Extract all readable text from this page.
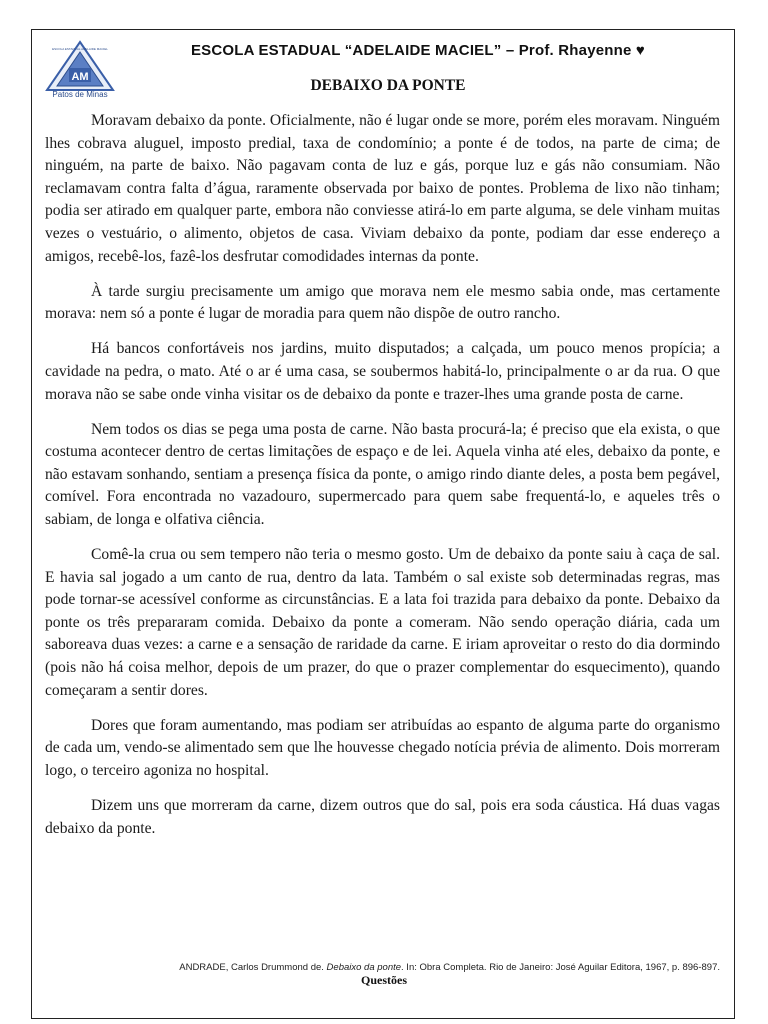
AM
Patos de Minas
ESCOLA ESTADUAL ADELAIDE MACIEL	ESCOLA ESTADUAL “ADELAIDE MACIEL” – Prof. Rhayenne ♥
DEBAIXO DA PONTE

Moravam debaixo da ponte. Oficialmente, não é lugar onde se more, porém eles moravam. Ninguém lhes cobrava aluguel, imposto predial, taxa de condomínio; a ponte é de todos, na parte de cima; de ninguém, na parte de baixo. Não pagavam conta de luz e gás, porque luz e gás não consumiam. Não reclamavam contra falta d’água, raramente observada por baixo de pontes. Problema de lixo não tinham; podia ser atirado em qualquer parte, embora não conviesse atirá-lo em parte alguma, se dele vinham muitas vezes o vestuário, o alimento, objetos de casa. Viviam debaixo da ponte, podiam dar esse endereço a amigos, recebê-los, fazê-los desfrutar comodidades internas da ponte.

À tarde surgiu precisamente um amigo que morava nem ele mesmo sabia onde, mas certamente morava: nem só a ponte é lugar de moradia para quem não dispõe de outro rancho.

Há bancos confortáveis nos jardins, muito disputados; a calçada, um pouco menos propícia; a cavidade na pedra, o mato. Até o ar é uma casa, se soubermos habitá-lo, principalmente o ar da rua. O que morava não se sabe onde vinha visitar os de debaixo da ponte e trazer-lhes uma grande posta de carne.

Nem todos os dias se pega uma posta de carne. Não basta procurá-la; é preciso que ela exista, o que costuma acontecer dentro de certas limitações de espaço e de lei. Aquela vinha até eles, debaixo da ponte, e não estavam sonhando, sentiam a presença física da ponte, o amigo rindo diante deles, a posta bem pegável, comível. Fora encontrada no vazadouro, supermercado para quem sabe frequentá-lo, e aqueles três o sabiam, de longa e olfativa ciência.

Comê-la crua ou sem tempero não teria o mesmo gosto. Um de debaixo da ponte saiu à caça de sal. E havia sal jogado a um canto de rua, dentro da lata. Também o sal existe sob determinadas regras, mas pode tornar-se acessível conforme as circunstâncias. E a lata foi trazida para debaixo da ponte. Debaixo da ponte os três prepararam comida. Debaixo da ponte a comeram. Não sendo operação diária, cada um saboreava duas vezes: a carne e a sensação de raridade da carne. E iriam aproveitar o resto do dia dormindo (pois não há coisa melhor, depois de um prazer, do que o prazer complementar do esquecimento), quando começaram a sentir dores.

Dores que foram aumentando, mas podiam ser atribuídas ao espanto de alguma parte do organismo de cada um, vendo-se alimentado sem que lhe houvesse chegado notícia prévia de alimento. Dois morreram logo, o terceiro agoniza no hospital.

Dizem uns que morreram da carne, dizem outros que do sal, pois era soda cáustica. Há duas vagas debaixo da ponte.

ANDRADE, Carlos Drummond de. Debaixo da ponte. In: Obra Completa. Rio de Janeiro: José Aguilar Editora, 1967, p. 896-897.
Questões
